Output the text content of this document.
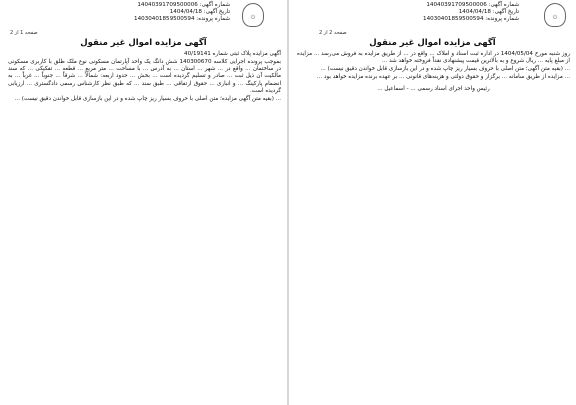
شماره آگهی: 14040391709500006
تاریخ آگهی: 1404/04/18
شماره پرونده: 14030401859500594	۞
صفحه 1 از 2
آگهی مزایده اموال غیر منقول

آگهی مزایده پلاک ثبتی شماره 40/19141

بموجب پرونده اجرایی کلاسه 140300670 شش دانگ یک واحد آپارتمان مسکونی نوع ملک طلق با کاربری مسکونی در ساختمان ... واقع در ... شهر ... استان ... به آدرس ... با مساحت ... متر مربع ... قطعه ... تفکیکی ... که سند مالکیت آن ذیل ثبت ... صادر و تسلیم گردیده است ... بخش ... حدود اربعه: شمالاً ... شرقاً ... جنوباً ... غرباً ... به انضمام پارکینگ ... و انباری ... حقوق ارتفاقی ... طبق سند ... که طبق نظر کارشناس رسمی دادگستری ... ارزیابی گردیده است.

... (بقیه متن آگهی مزایده؛ متن اصلی با حروف بسیار ریز چاپ شده و در این بازسازی قابل خواندن دقیق نیست) ...

شماره آگهی: 14040391709500006
تاریخ آگهی: 1404/04/18
شماره پرونده: 14030401859500594	۞
صفحه 2 از 2
آگهی مزایده اموال غیر منقول

روز شنبه مورخ 1404/05/04 در اداره ثبت اسناد و املاک ... واقع در ... از طریق مزایده به فروش می‌رسد ... مزایده از مبلغ پایه ... ریال شروع و به بالاترین قیمت پیشنهادی نقداً فروخته خواهد شد ...

... (بقیه متن آگهی؛ متن اصلی با حروف بسیار ریز چاپ شده و در این بازسازی قابل خواندن دقیق نیست) ...

... مزایده از طریق سامانه ... برگزار و حقوق دولتی و هزینه‌های قانونی ... بر عهده برنده مزایده خواهد بود ...

رئیس واحد اجرای اسناد رسمی ... - اسماعیل ...
